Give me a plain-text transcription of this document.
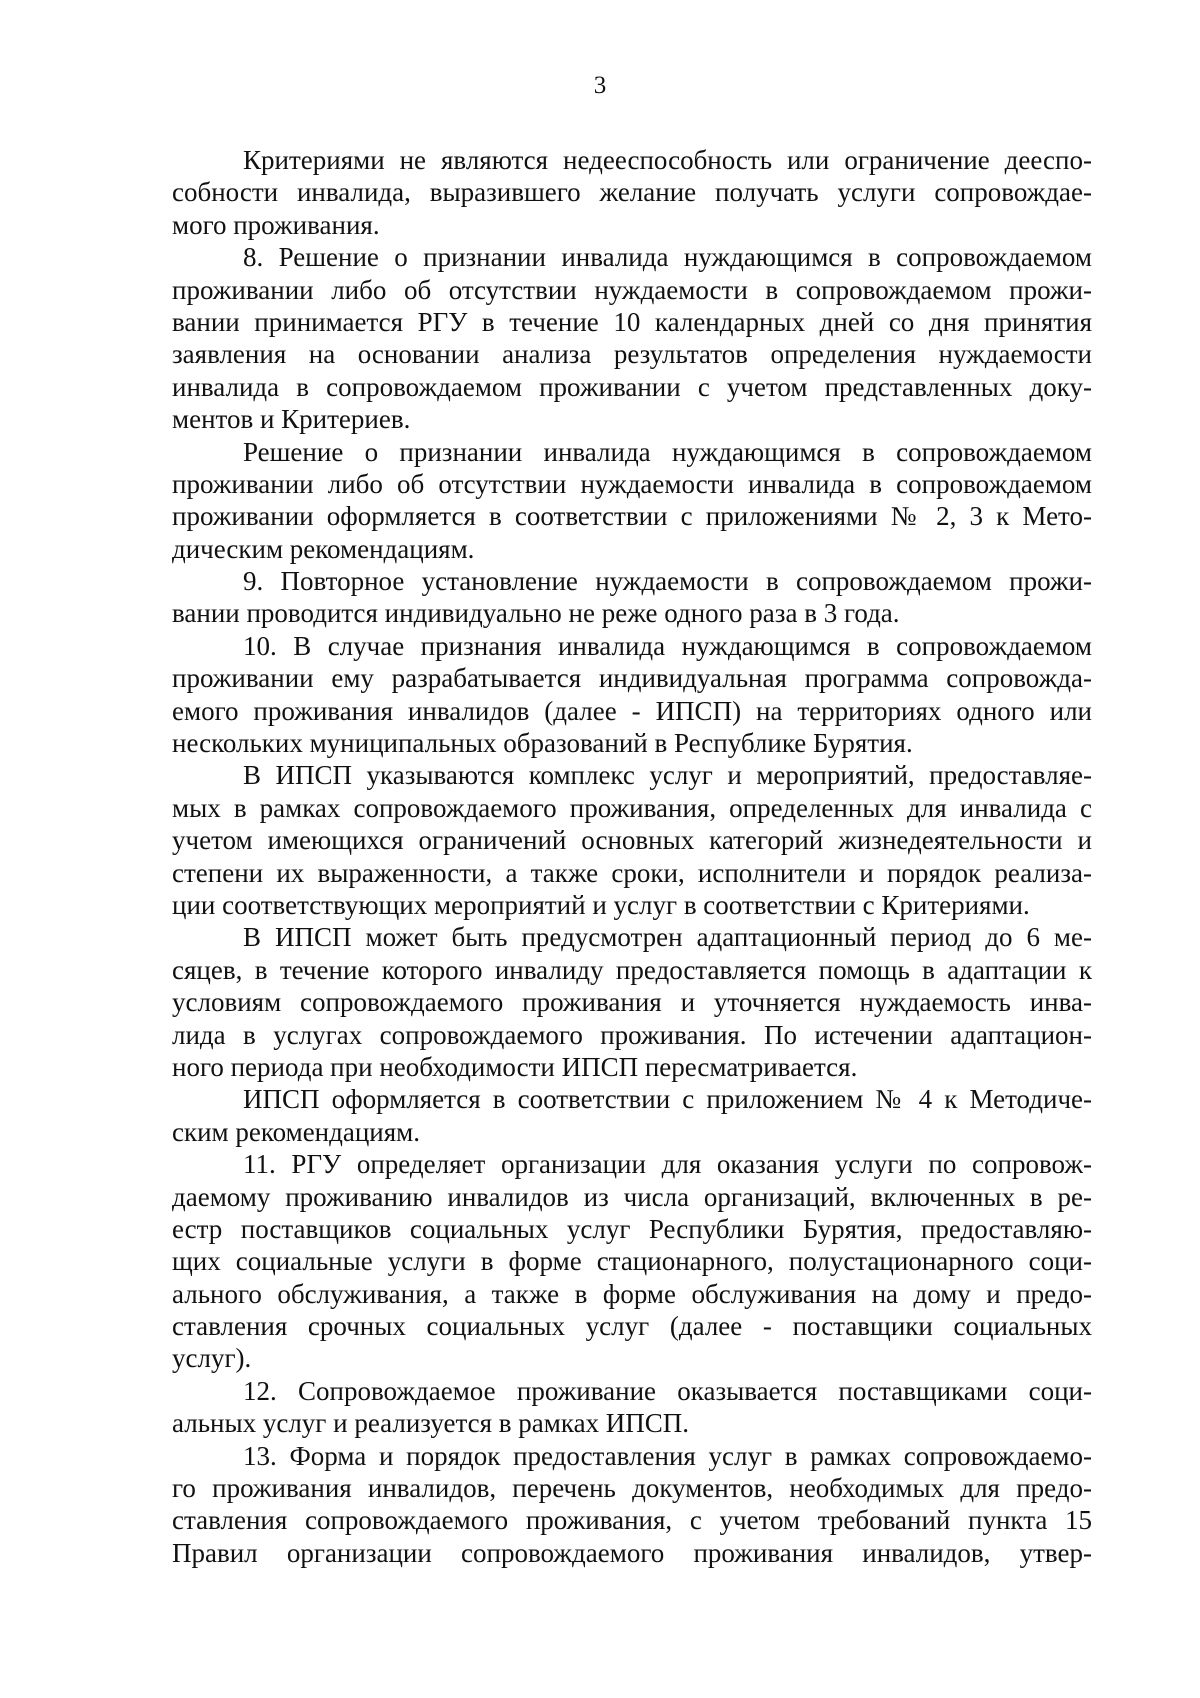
3
Критериями не являются недееспособность или ограничение дееспо-
собности инвалида, выразившего желание получать услуги сопровождае-
мого проживания.
8. Решение о признании инвалида нуждающимся в сопровождаемом
проживании либо об отсутствии нуждаемости в сопровождаемом прожи-
вании принимается РГУ в течение 10 календарных дней со дня принятия
заявления на основании анализа результатов определения нуждаемости
инвалида в сопровождаемом проживании с учетом представленных доку-
ментов и Критериев.
Решение о признании инвалида нуждающимся в сопровождаемом
проживании либо об отсутствии нуждаемости инвалида в сопровождаемом
проживании оформляется в соответствии с приложениями № 2, 3 к Мето-
дическим рекомендациям.
9. Повторное установление нуждаемости в сопровождаемом прожи-
вании проводится индивидуально не реже одного раза в 3 года.
10. В случае признания инвалида нуждающимся в сопровождаемом
проживании ему разрабатывается индивидуальная программа сопровожда-
емого проживания инвалидов (далее - ИПСП) на территориях одного или
нескольких муниципальных образований в Республике Бурятия.
В ИПСП указываются комплекс услуг и мероприятий, предоставляе-
мых в рамках сопровождаемого проживания, определенных для инвалида с
учетом имеющихся ограничений основных категорий жизнедеятельности и
степени их выраженности, а также сроки, исполнители и порядок реализа-
ции соответствующих мероприятий и услуг в соответствии с Критериями.
В ИПСП может быть предусмотрен адаптационный период до 6 ме-
сяцев, в течение которого инвалиду предоставляется помощь в адаптации к
условиям сопровождаемого проживания и уточняется нуждаемость инва-
лида в услугах сопровождаемого проживания. По истечении адаптацион-
ного периода при необходимости ИПСП пересматривается.
ИПСП оформляется в соответствии с приложением № 4 к Методиче-
ским рекомендациям.
11. РГУ определяет организации для оказания услуги по сопровож-
даемому проживанию инвалидов из числа организаций, включенных в ре-
естр поставщиков социальных услуг Республики Бурятия, предоставляю-
щих социальные услуги в форме стационарного, полустационарного соци-
ального обслуживания, а также в форме обслуживания на дому и предо-
ставления срочных социальных услуг (далее - поставщики социальных
услуг).
12. Сопровождаемое проживание оказывается поставщиками соци-
альных услуг и реализуется в рамках ИПСП.
13. Форма и порядок предоставления услуг в рамках сопровождаемо-
го проживания инвалидов, перечень документов, необходимых для предо-
ставления сопровождаемого проживания, с учетом требований пункта 15
Правил организации сопровождаемого проживания инвалидов, утвер-
